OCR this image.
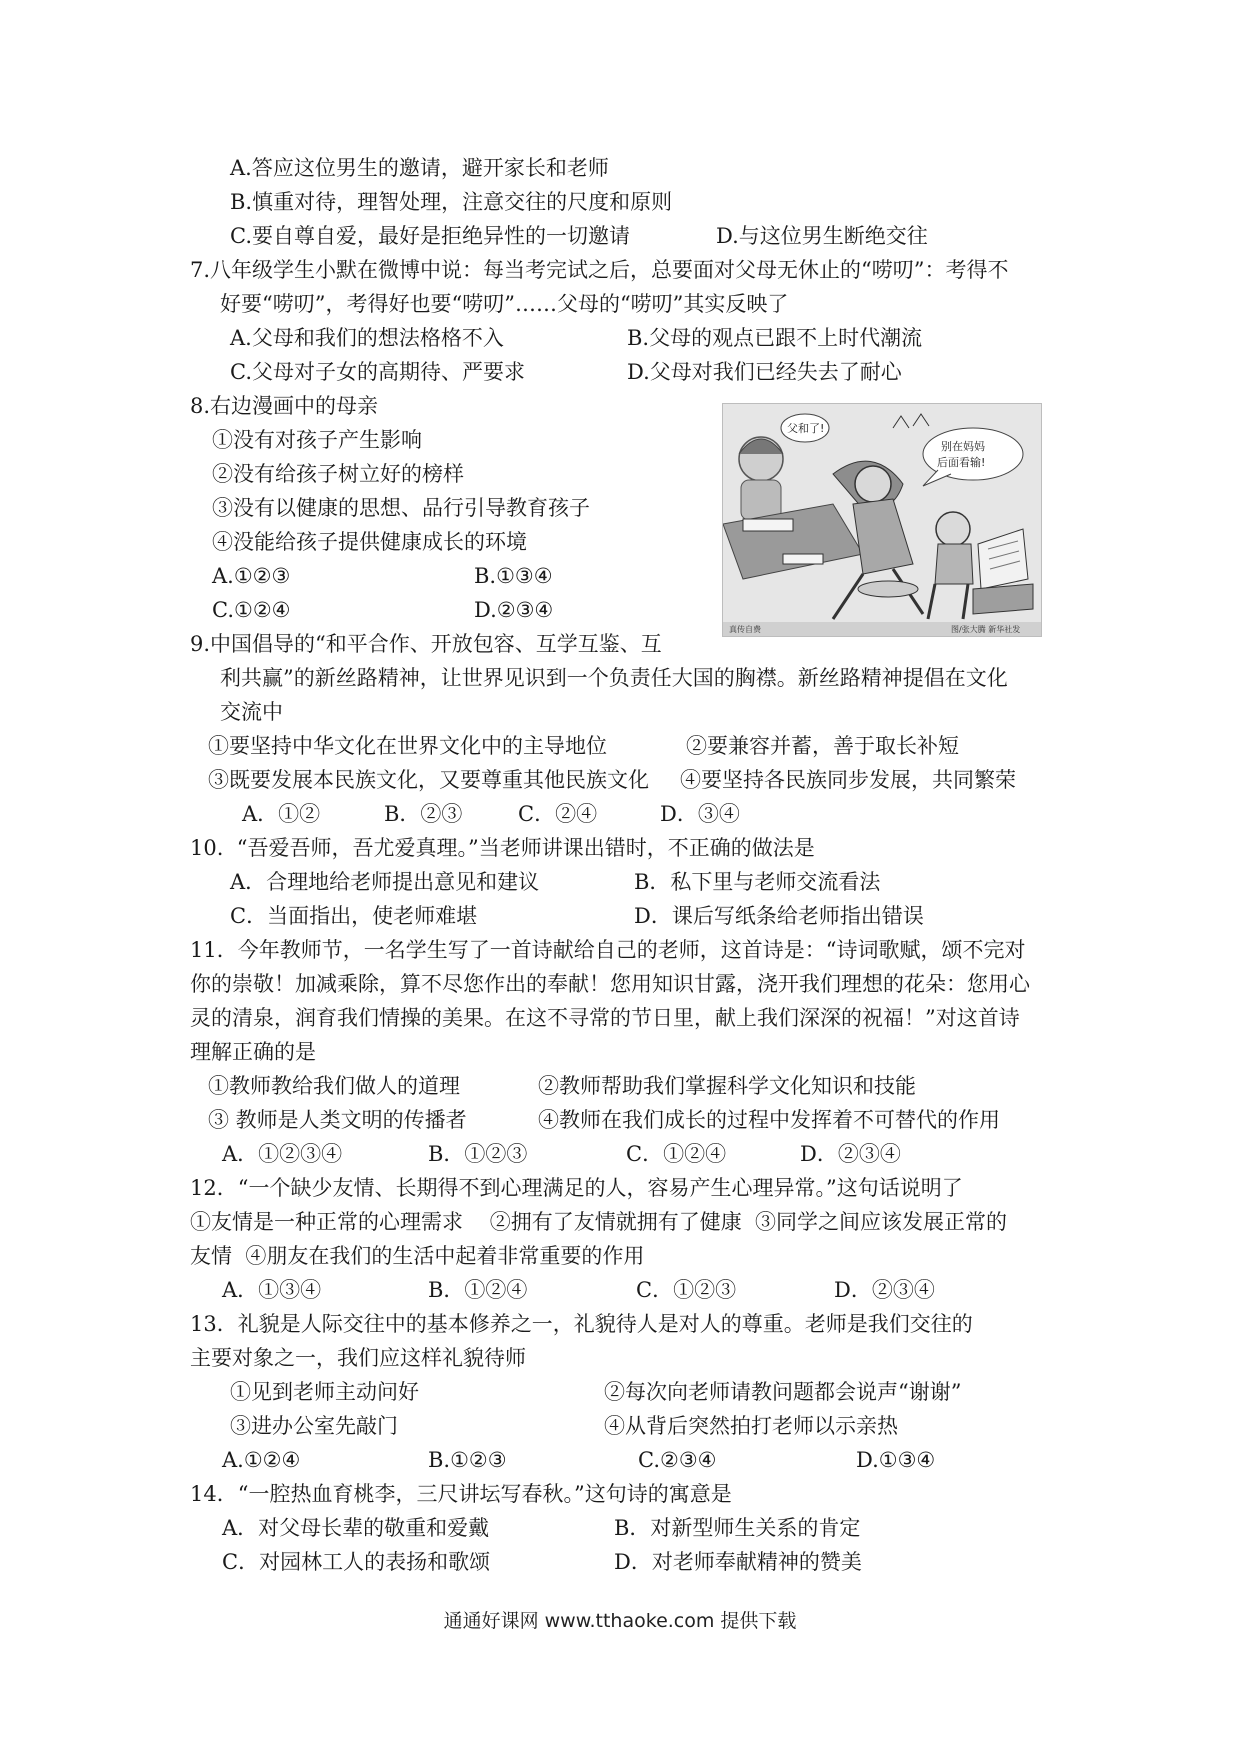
A.答应这位男生的邀请，避开家长和老师
B.慎重对待，理智处理，注意交往的尺度和原则
C.要自尊自爱，最好是拒绝异性的一切邀请	D.与这位男生断绝交往
7.八年级学生小默在微博中说：每当考完试之后，总要面对父母无休止的“唠叨”：考得不
好要“唠叨”，考得好也要“唠叨”……父母的“唠叨”其实反映了
A.父母和我们的想法格格不入	B.父母的观点已跟不上时代潮流
C.父母对子女的高期待、严要求	D.父母对我们已经失去了耐心
8.右边漫画中的母亲
①没有对孩子产生影响
②没有给孩子树立好的榜样
③没有以健康的思想、品行引导教育孩子
④没能给孩子提供健康成长的环境
A.①②③	B.①③④
C.①②④	D.②③④
父和了!
别在妈妈
后面看输!
真传自费	图/张大腾 新华社发
9.中国倡导的“和平合作、开放包容、互学互鉴、互
利共赢”的新丝路精神，让世界见识到一个负责任大国的胸襟。新丝路精神提倡在文化
交流中
①要坚持中华文化在世界文化中的主导地位	②要兼容并蓄，善于取长补短
③既要发展本民族文化，又要尊重其他民族文化 ④要坚持各民族同步发展，共同繁荣
A．①②	B．②③	C．②④	D．③④
10.  “吾爱吾师，吾尤爱真理。”当老师讲课出错时，不正确的做法是
A．合理地给老师提出意见和建议	B．私下里与老师交流看法
C．当面指出，使老师难堪	D．课后写纸条给老师指出错误
11．今年教师节，一名学生写了一首诗献给自己的老师，这首诗是：“诗词歌赋，颂不完对
你的崇敬！加减乘除，算不尽您作出的奉献！您用知识甘露，浇开我们理想的花朵：您用心
灵的清泉，润育我们情操的美果。在这不寻常的节日里，献上我们深深的祝福！”对这首诗
理解正确的是
①教师教给我们做人的道理	②教师帮助我们掌握科学文化知识和技能
③ 教师是人类文明的传播者	④教师在我们成长的过程中发挥着不可替代的作用
A．①②③④	B．①②③	C．①②④	D．②③④
12．“一个缺少友情、长期得不到心理满足的人，容易产生心理异常。”这句话说明了
①友情是一种正常的心理需求    ②拥有了友情就拥有了健康  ③同学之间应该发展正常的
友情  ④朋友在我们的生活中起着非常重要的作用
A．①③④	B．①②④	C．①②③	D．②③④
13．礼貌是人际交往中的基本修养之一，礼貌待人是对人的尊重。老师是我们交往的
主要对象之一，我们应这样礼貌待师
①见到老师主动问好	②每次向老师请教问题都会说声“谢谢”
③进办公室先敲门	④从背后突然拍打老师以示亲热
A.①②④	B.①②③	C.②③④	D.①③④
14．“一腔热血育桃李，三尺讲坛写春秋。”这句诗的寓意是
A．对父母长辈的敬重和爱戴	B．对新型师生关系的肯定
C．对园林工人的表扬和歌颂	D．对老师奉献精神的赞美
通通好课网 www.tthaoke.com 提供下载
